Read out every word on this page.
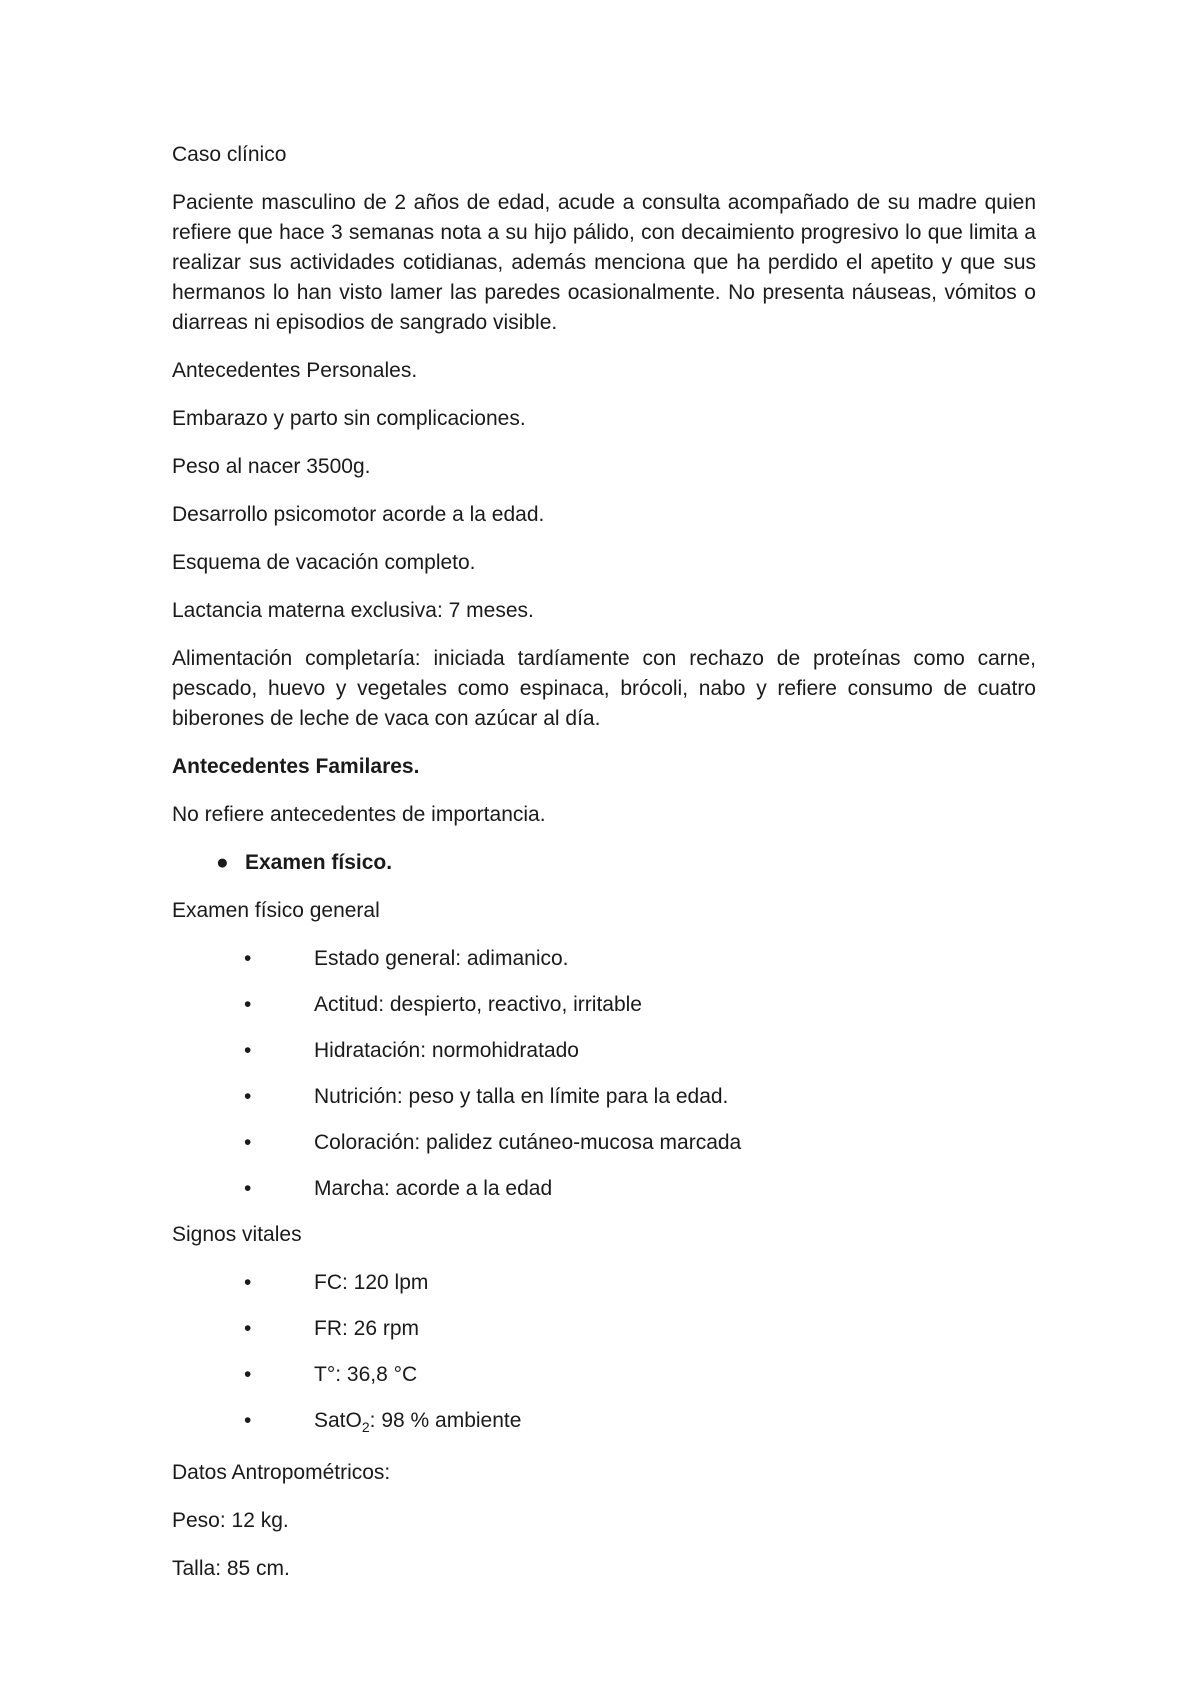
Caso clínico

Paciente masculino de 2 años de edad, acude a consulta acompañado de su madre quien refiere que hace 3 semanas nota a su hijo pálido, con decaimiento progresivo lo que limita a realizar sus actividades cotidianas, además menciona que ha perdido el apetito y que sus hermanos lo han visto lamer las paredes ocasionalmente. No presenta náuseas, vómitos o diarreas ni episodios de sangrado visible.

Antecedentes Personales.

Embarazo y parto sin complicaciones.

Peso al nacer 3500g.

Desarrollo psicomotor acorde a la edad.

Esquema de vacación completo.

Lactancia materna exclusiva: 7 meses.

Alimentación completaría: iniciada tardíamente con rechazo de proteínas como carne, pescado, huevo y vegetales como espinaca, brócoli, nabo y refiere consumo de cuatro biberones de leche de vaca con azúcar al día.

Antecedentes Familares.

No refiere antecedentes de importancia.

● Examen físico.

Examen físico general

•	Estado general: adimanico.
•	Actitud: despierto, reactivo, irritable
•	Hidratación: normohidratado
•	Nutrición: peso y talla en límite para la edad.
•	Coloración: palidez cutáneo-mucosa marcada
•	Marcha: acorde a la edad

Signos vitales

•	FC: 120 lpm
•	FR: 26 rpm
•	T°: 36,8 °C
•	SatO$_2$: 98 % ambiente

Datos Antropométricos:

Peso: 12 kg.

Talla: 85 cm.
